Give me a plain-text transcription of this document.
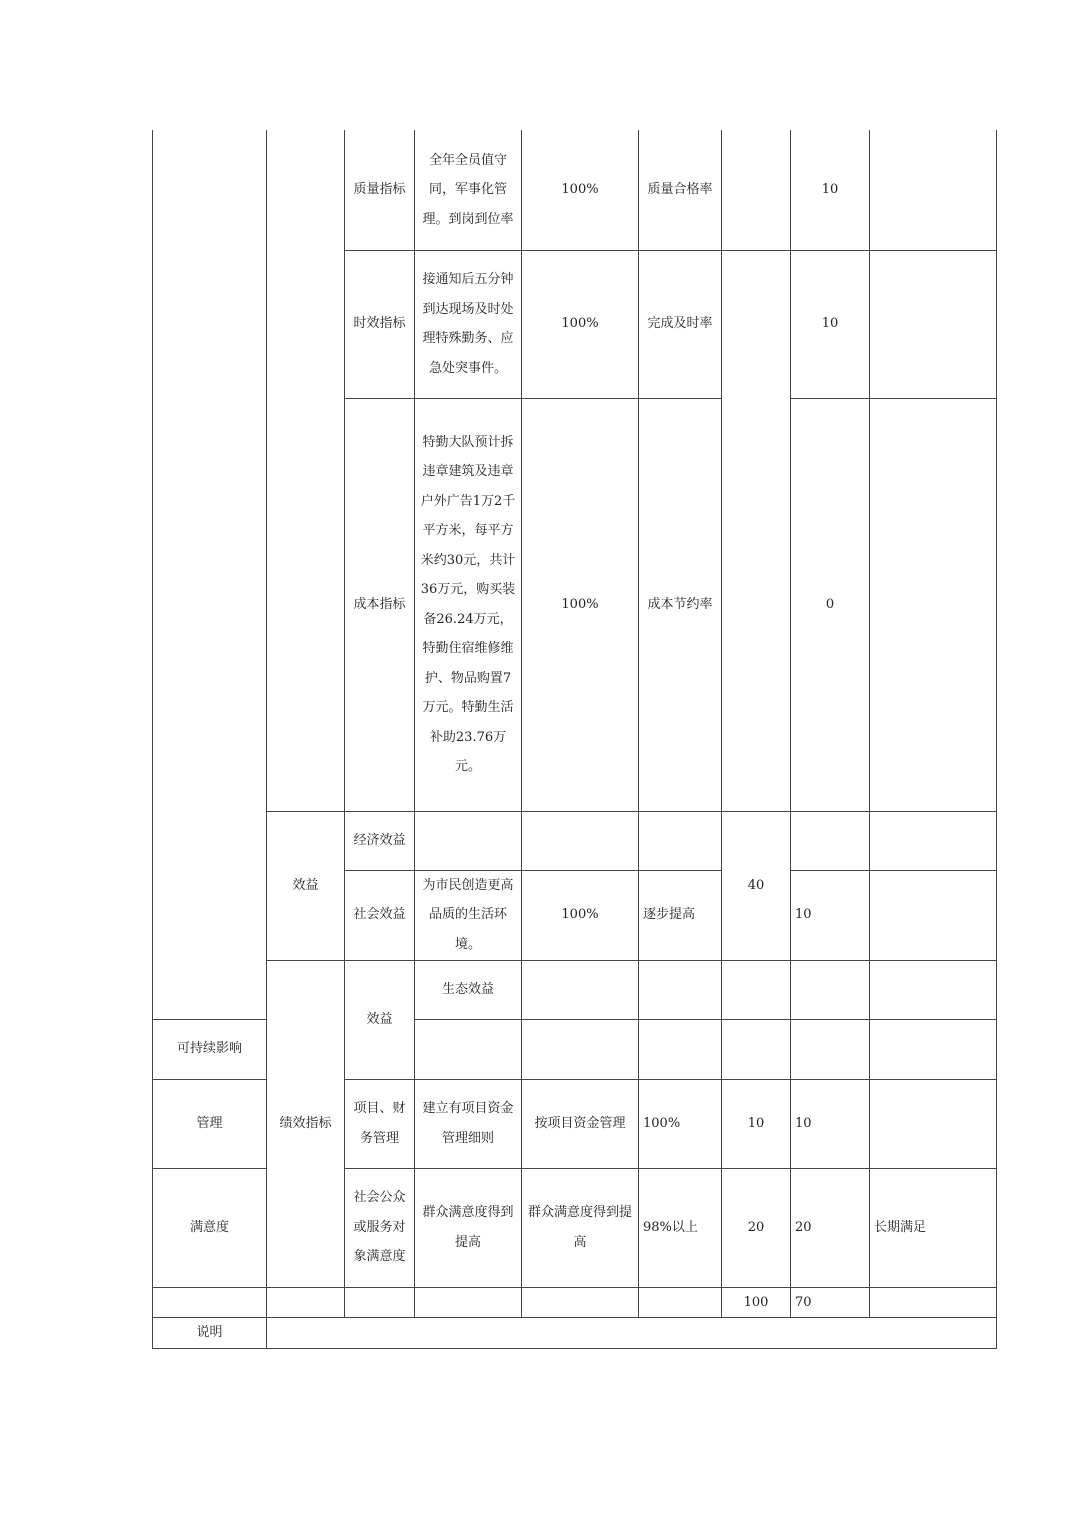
		质量指标	全年全员值守同，军事化管理。到岗到位率	100%	质量合格率		10		
		时效指标	接通知后五分钟到达现场及时处理特殊勤务、应急处突事件。	100%	完成及时率		10		
		成本指标	特勤大队预计拆违章建筑及违章户外广告1万2千平方米，每平方米约30元，共计36万元，购买装备26.24万元，特勤住宿维修维护、物品购置7万元。特勤生活补助23.76万元。	100%	成本节约率		0		
	效益	经济效益				40			
		社会效益	为市民创造更高品质的生活环境。	100%	逐步提高		10		
	绩效指标	效益	生态效益						
可持续影响									
管理		项目、财务管理	建立有项目资金管理细则	按项目资金管理	100%	10	10		
满意度		社会公众或服务对象满意度	群众满意度得到提高	群众满意度得到提高	98%以上	20	20	长期满足	
						100	70		
说明									
